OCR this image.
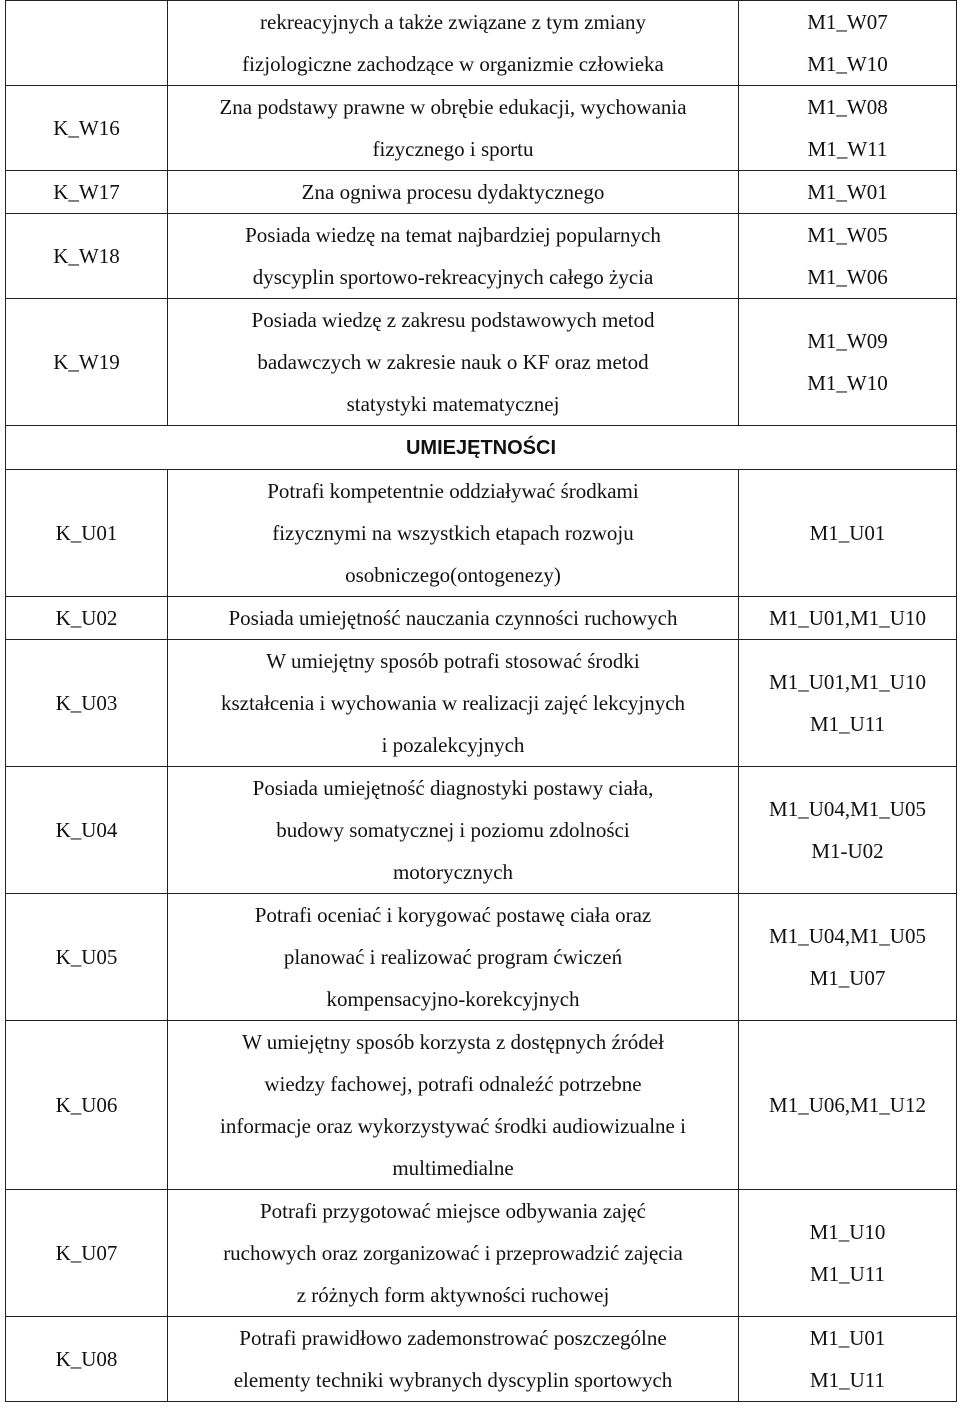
	rekreacyjnych a także związane z tym zmiany
fizjologiczne zachodzące w organizmie człowieka	M1_W07
M1_W10

K_W16	Zna podstawy prawne w obrębie edukacji, wychowania
fizycznego i sportu	M1_W08
M1_W11

K_W17	Zna ogniwa procesu dydaktycznego	M1_W01

K_W18	Posiada wiedzę na temat najbardziej popularnych
dyscyplin sportowo-rekreacyjnych całego życia	M1_W05
M1_W06

K_W19	Posiada wiedzę z zakresu podstawowych metod
badawczych w zakresie nauk o KF oraz metod
statystyki matematycznej	M1_W09
M1_W10

UMIEJĘTNOŚCI		

K_U01	Potrafi kompetentnie oddziaływać środkami
fizycznymi na wszystkich etapach rozwoju
osobniczego(ontogenezy)	M1_U01

K_U02	Posiada umiejętność nauczania czynności ruchowych	M1_U01,M1_U10

K_U03	W umiejętny sposób potrafi stosować środki
kształcenia i wychowania w realizacji zajęć lekcyjnych
i pozalekcyjnych	M1_U01,M1_U10
M1_U11

K_U04	Posiada umiejętność diagnostyki postawy ciała,
budowy somatycznej i poziomu zdolności
motorycznych	M1_U04,M1_U05
M1-U02

K_U05	Potrafi oceniać i korygować postawę ciała oraz
planować i realizować program ćwiczeń
kompensacyjno-korekcyjnych	M1_U04,M1_U05
M1_U07

K_U06	W umiejętny sposób korzysta z dostępnych źródeł
wiedzy fachowej, potrafi odnaleźć potrzebne
informacje oraz wykorzystywać środki audiowizualne i
multimedialne	M1_U06,M1_U12

K_U07	Potrafi przygotować miejsce odbywania zajęć
ruchowych oraz zorganizować i przeprowadzić zajęcia
z różnych form aktywności ruchowej	M1_U10
M1_U11

K_U08	Potrafi prawidłowo zademonstrować poszczególne
elementy techniki wybranych dyscyplin sportowych	M1_U01
M1_U11
